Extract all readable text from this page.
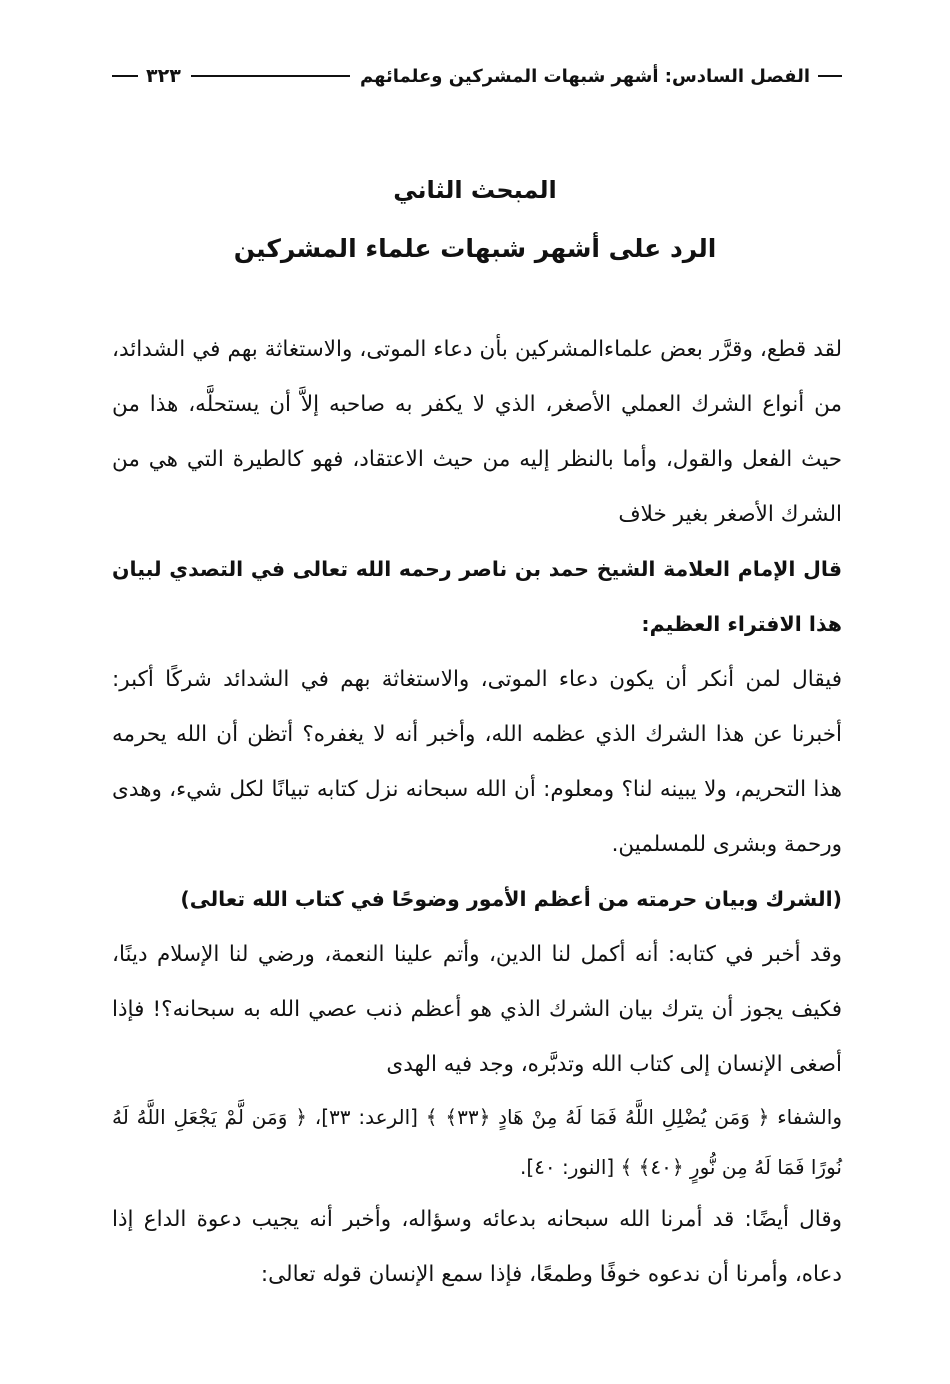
الفصل السادس: أشهر شبهات المشركين وعلمائهم
٣٢٣
المبحث الثاني
الرد على أشهر شبهات علماء المشركين

لقد قطع، وقرَّر بعض علماءالمشركين بأن دعاء الموتى، والاستغاثة بهم في الشدائد، من أنواع الشرك العملي الأصغر، الذي لا يكفر به صاحبه إلاَّ أن يستحلَّه، هذا من حيث الفعل والقول، وأما بالنظر إليه من حيث الاعتقاد، فهو كالطيرة التي هي من الشرك الأصغر بغير خلاف

قال الإمام العلامة الشيخ حمد بن ناصر رحمه الله تعالى في التصدي لبيان هذا الافتراء العظيم:

فيقال لمن أنكر أن يكون دعاء الموتى، والاستغاثة بهم في الشدائد شركًا أكبر: أخبرنا عن هذا الشرك الذي عظمه الله، وأخبر أنه لا يغفره؟ أتظن أن الله يحرمه هذا التحريم، ولا يبينه لنا؟ ومعلوم: أن الله سبحانه نزل كتابه تبيانًا لكل شيء، وهدى ورحمة وبشرى للمسلمين.

(الشرك وبيان حرمته من أعظم الأمور وضوحًا في كتاب الله تعالى)

وقد أخبر في كتابه: أنه أكمل لنا الدين، وأتم علينا النعمة، ورضي لنا الإسلام دينًا، فكيف يجوز أن يترك بيان الشرك الذي هو أعظم ذنب عصي الله به سبحانه؟! فإذا أصغى الإنسان إلى كتاب الله وتدبَّره، وجد فيه الهدى

والشفاء ﴿ وَمَن يُضْلِلِ اللَّهُ فَمَا لَهُ مِنْ هَادٍ ﴿٣٣﴾ ﴾ [الرعد: ٣٣]، ﴿ وَمَن لَّمْ يَجْعَلِ اللَّهُ لَهُ نُورًا فَمَا لَهُ مِن نُّورٍ ﴿٤٠﴾ ﴾ [النور: ٤٠].

وقال أيضًا: قد أمرنا الله سبحانه بدعائه وسؤاله، وأخبر أنه يجيب دعوة الداع إذا دعاه، وأمرنا أن ندعوه خوفًا وطمعًا، فإذا سمع الإنسان قوله تعالى:
